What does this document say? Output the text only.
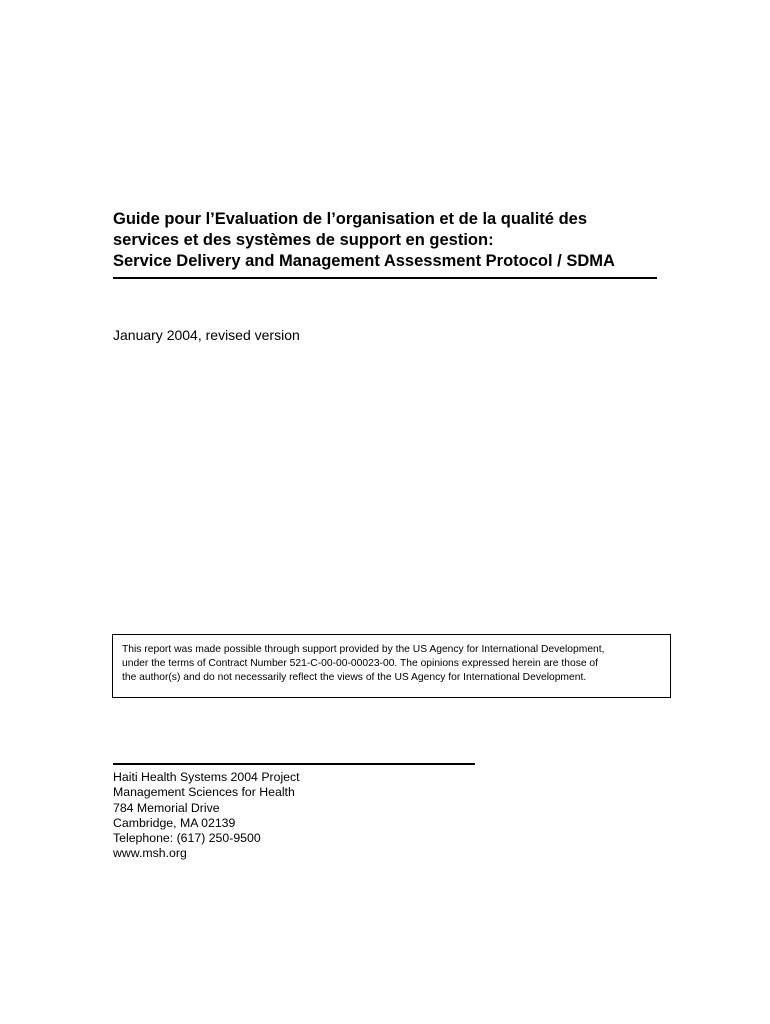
Guide pour l’Evaluation de l’organisation et de la qualité des

services et des systèmes de support en gestion:

Service Delivery and Management Assessment Protocol / SDMA

January 2004, revised version

This report was made possible through support provided by the US Agency for International Development,

under the terms of Contract Number 521-C-00-00-00023-00. The opinions expressed herein are those of

the author(s) and do not necessarily reflect the views of the US Agency for International Development.

Haiti Health Systems 2004 Project
Management Sciences for Health
784 Memorial Drive
Cambridge, MA 02139
Telephone: (617) 250-9500
www.msh.org
